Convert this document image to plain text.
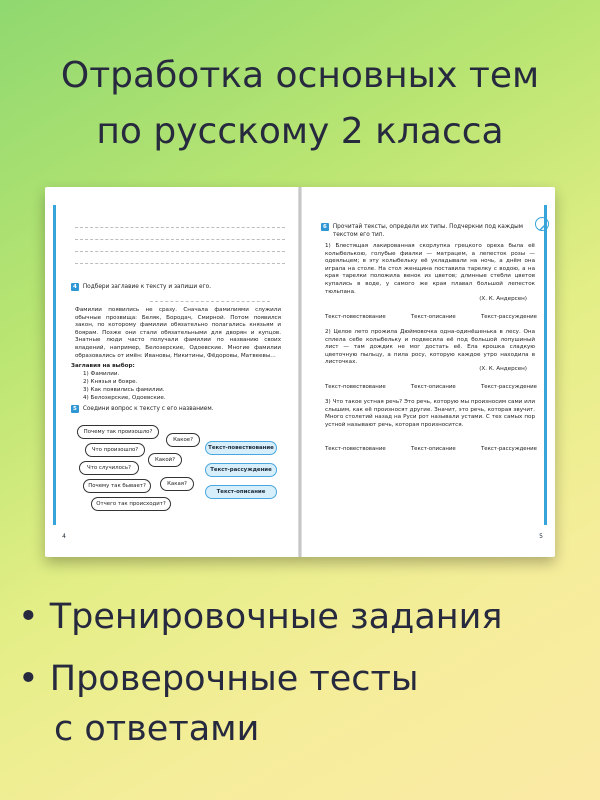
Отработка основных тем
по русскому 2 класса
4	Подбери заглавие к тексту и запиши его.
Фамилии появились не сразу. Сначала фамилиями служили обычные прозвища: Беляк, Бородач, Смирной. Потом появился закон, по которому фамилии обязательно полагались князьям и боярам. Позже они стали обязательными для дворян и купцов. Знатные люди часто получали фамилии по названию своих владений, например, Белозерские, Одоевские. Многие фамилии образовались от имён: Ивановы, Никитины, Фёдоровы, Матвеевы…
Заглавия на выбор:
1) Фамилии.
2) Князья и бояре.
3) Как появились фамилии.
4) Белозерские, Одоевские.
5	Соедини вопрос к тексту с его названием.
Почему так произошло?
Что произошло?
Что случилось?
Почему так бывает?
Отчего так происходит?
Какое?
Какой?
Какая?
Текст-повествование
Текст-рассуждение
Текст-описание
4
6	Прочитай тексты, определи их типы. Подчеркни под каждым текстом его тип.
1) Блестящая лакированная скорлупка грецкого ореха была её колыбелькою, голубые фиалки — матрацем, а лепесток розы — одеяльцем; в эту колыбельку её укладывали на ночь, а днём она играла на столе. На стол женщина поставила тарелку с водою, а на края тарелки положила венок из цветов; длинные стебли цветов купались в воде, у самого же края плавал большой лепесток тюльпана.
(Х. К. Андерсен)
Текст-повествование	Текст-описание	Текст-рассуждение
2) Целое лето прожила Дюймовочка одна-одинёшенька в лесу. Она сплела себе колыбельку и подвесила её под большой лопушиный лист — там дождик не мог достать её. Ела крошка сладкую цветочную пыльцу, а пила росу, которую каждое утро находила в листочках.
(Х. К. Андерсен)
Текст-повествование	Текст-описание	Текст-рассуждение
3) Что такое устная речь? Это речь, которую мы произносим сами или слышим, как её произносят другие. Значит, это речь, которая звучит. Много столетий назад на Руси рот называли устами. С тех самых пор устной называют речь, которая произносится.
Текст-повествование	Текст-описание	Текст-рассуждение
5
• Тренировочные задания
• Проверочные тесты
с ответами
